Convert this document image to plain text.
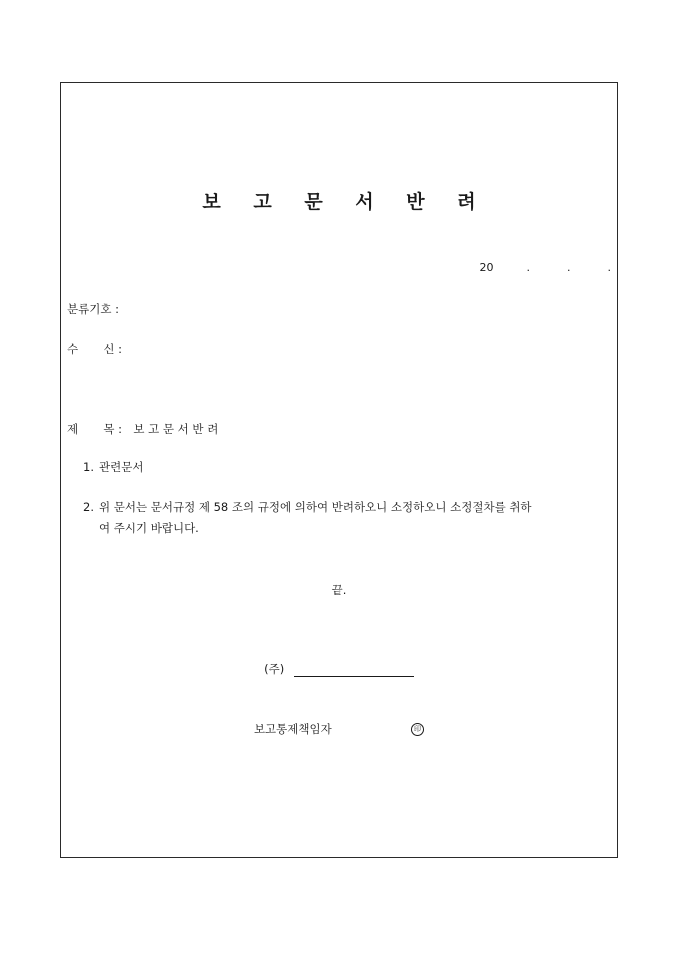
보 고 문 서 반 려
20	.	.	.
분류기호 :
수 신 :
제 목 : 보 고 문 서 반 려
1. 관련문서
2. 위 문서는 문서규정 제 58 조의 규정에 의하여 반려하오니 소정하오니 소정절차를 취하
여 주시기 바랍니다.
끝.
(주)
보고통제책임자	印
